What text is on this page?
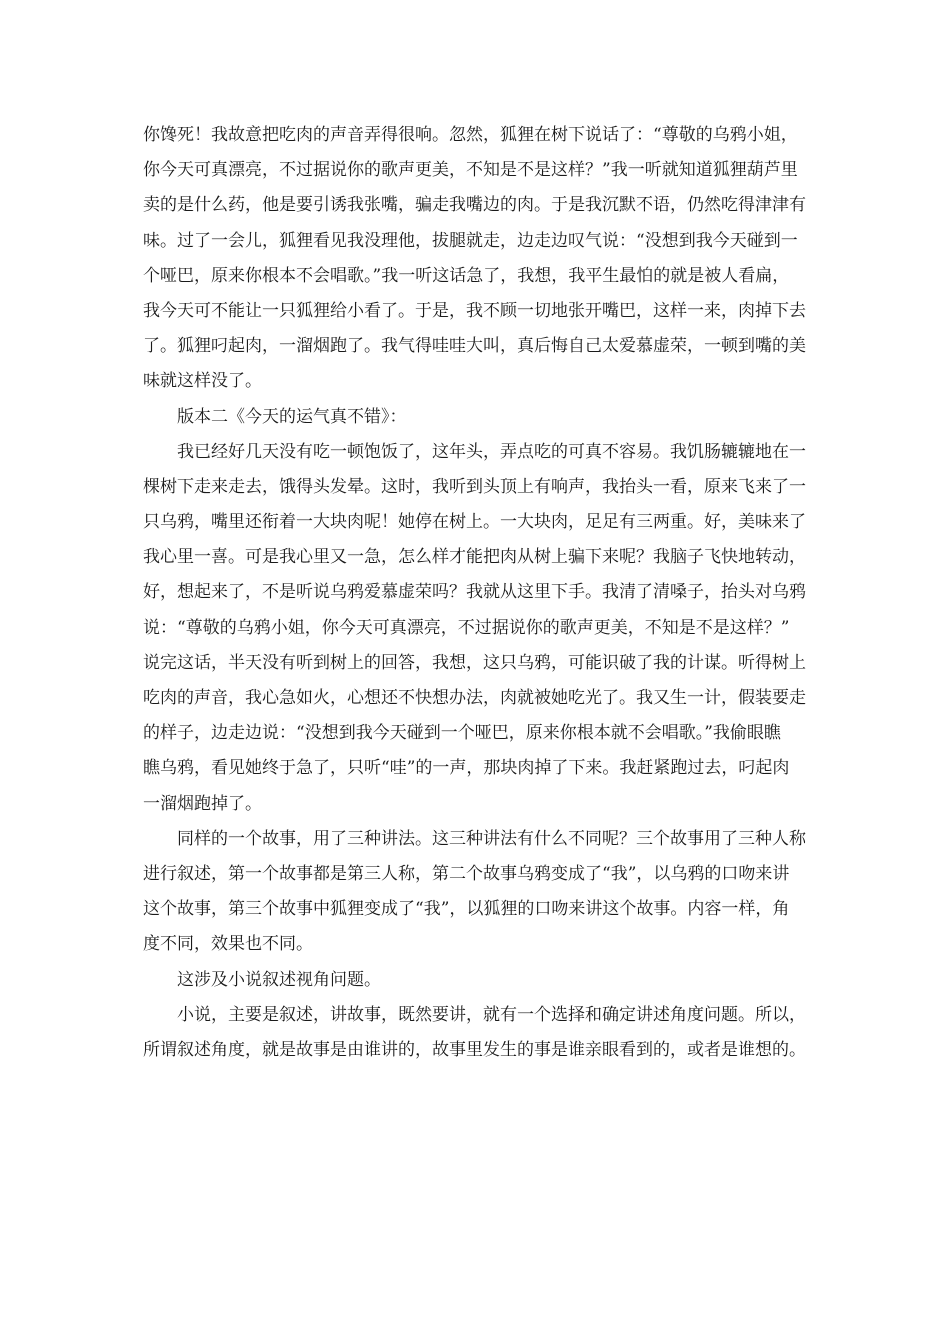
你馋死！我故意把吃肉的声音弄得很响。忽然，狐狸在树下说话了：“尊敬的乌鸦小姐，
你今天可真漂亮，不过据说你的歌声更美，不知是不是这样？”我一听就知道狐狸葫芦里
卖的是什么药，他是要引诱我张嘴，骗走我嘴边的肉。于是我沉默不语，仍然吃得津津有
味。过了一会儿，狐狸看见我没理他，拔腿就走，边走边叹气说：“没想到我今天碰到一
个哑巴，原来你根本不会唱歌。”我一听这话急了，我想，我平生最怕的就是被人看扁，
我今天可不能让一只狐狸给小看了。于是，我不顾一切地张开嘴巴，这样一来，肉掉下去
了。狐狸叼起肉，一溜烟跑了。我气得哇哇大叫，真后悔自己太爱慕虚荣，一顿到嘴的美
味就这样没了。
版本二《今天的运气真不错》：
我已经好几天没有吃一顿饱饭了，这年头，弄点吃的可真不容易。我饥肠辘辘地在一
棵树下走来走去，饿得头发晕。这时，我听到头顶上有响声，我抬头一看，原来飞来了一
只乌鸦，嘴里还衔着一大块肉呢！她停在树上。一大块肉，足足有三两重。好，美味来了
我心里一喜。可是我心里又一急，怎么样才能把肉从树上骗下来呢？我脑子飞快地转动，
好，想起来了，不是听说乌鸦爱慕虚荣吗？我就从这里下手。我清了清嗓子，抬头对乌鸦
说：“尊敬的乌鸦小姐，你今天可真漂亮，不过据说你的歌声更美，不知是不是这样？”
说完这话，半天没有听到树上的回答，我想，这只乌鸦，可能识破了我的计谋。听得树上
吃肉的声音，我心急如火，心想还不快想办法，肉就被她吃光了。我又生一计，假装要走
的样子，边走边说：“没想到我今天碰到一个哑巴，原来你根本就不会唱歌。”我偷眼瞧
瞧乌鸦，看见她终于急了，只听“哇”的一声，那块肉掉了下来。我赶紧跑过去，叼起肉
一溜烟跑掉了。
同样的一个故事，用了三种讲法。这三种讲法有什么不同呢？三个故事用了三种人称
进行叙述，第一个故事都是第三人称，第二个故事乌鸦变成了“我”，以乌鸦的口吻来讲
这个故事，第三个故事中狐狸变成了“我”，以狐狸的口吻来讲这个故事。内容一样，角
度不同，效果也不同。
这涉及小说叙述视角问题。
小说，主要是叙述，讲故事，既然要讲，就有一个选择和确定讲述角度问题。所以，
所谓叙述角度，就是故事是由谁讲的，故事里发生的事是谁亲眼看到的，或者是谁想的。
